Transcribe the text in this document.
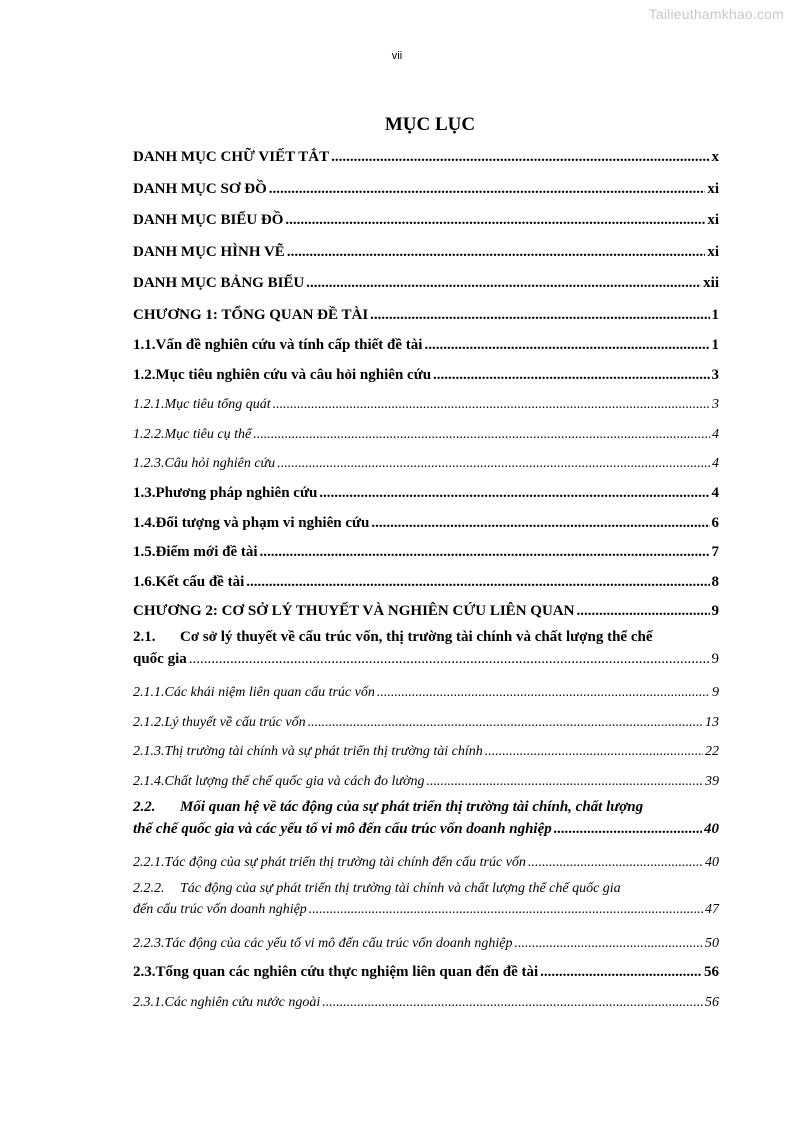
Tailieuthamkhao.com
vii
MỤC LỤC
DANH MỤC CHỮ VIẾT TẮT .....	x
DANH MỤC SƠ ĐỒ .....	xi
DANH MỤC BIỂU ĐỒ .....	xi
DANH MỤC HÌNH VẼ .....	xi
DANH MỤC BẢNG BIỂU .....	xii
CHƯƠNG 1: TỔNG QUAN ĐỀ TÀI .....	1
1.1. Vấn đề nghiên cứu và tính cấp thiết đề tài .....	1
1.2. Mục tiêu nghiên cứu và câu hỏi nghiên cứu .....	3
1.2.1. Mục tiêu tổng quát .....	3
1.2.2. Mục tiêu cụ thể .....	4
1.2.3. Câu hỏi nghiên cứu .....	4
1.3. Phương pháp nghiên cứu .....	4
1.4. Đối tượng và phạm vi nghiên cứu .....	6
1.5. Điểm mới đề tài .....	7
1.6. Kết cấu đề tài .....	8
CHƯƠNG 2: CƠ SỞ LÝ THUYẾT VÀ NGHIÊN CỨU LIÊN QUAN .....	9
2.1.	Cơ sở lý thuyết về cấu trúc vốn, thị trường tài chính và chất lượng thể chế
quốc gia .....	9
2.1.1. Các khái niệm liên quan cấu trúc vốn .....	9
2.1.2. Lý thuyết về cấu trúc vốn .....	13
2.1.3. Thị trường tài chính và sự phát triển thị trường tài chính .....	22
2.1.4. Chất lượng thể chế quốc gia và cách đo lường .....	39
2.2.	Mối quan hệ về tác động của sự phát triển thị trường tài chính, chất lượng
thể chế quốc gia và các yếu tố vi mô đến cấu trúc vốn doanh nghiệp .....	40
2.2.1. Tác động của sự phát triển thị trường tài chính đến cấu trúc vốn .....	40
2.2.2.	Tác động của sự phát triển thị trường tài chính và chất lượng thể chế quốc gia
đến cấu trúc vốn doanh nghiệp .....	47
2.2.3. Tác động của các yếu tố vi mô đến cấu trúc vốn doanh nghiệp .....	50
2.3. Tổng quan các nghiên cứu thực nghiệm liên quan đến đề tài .....	56
2.3.1. Các nghiên cứu nước ngoài .....	56
